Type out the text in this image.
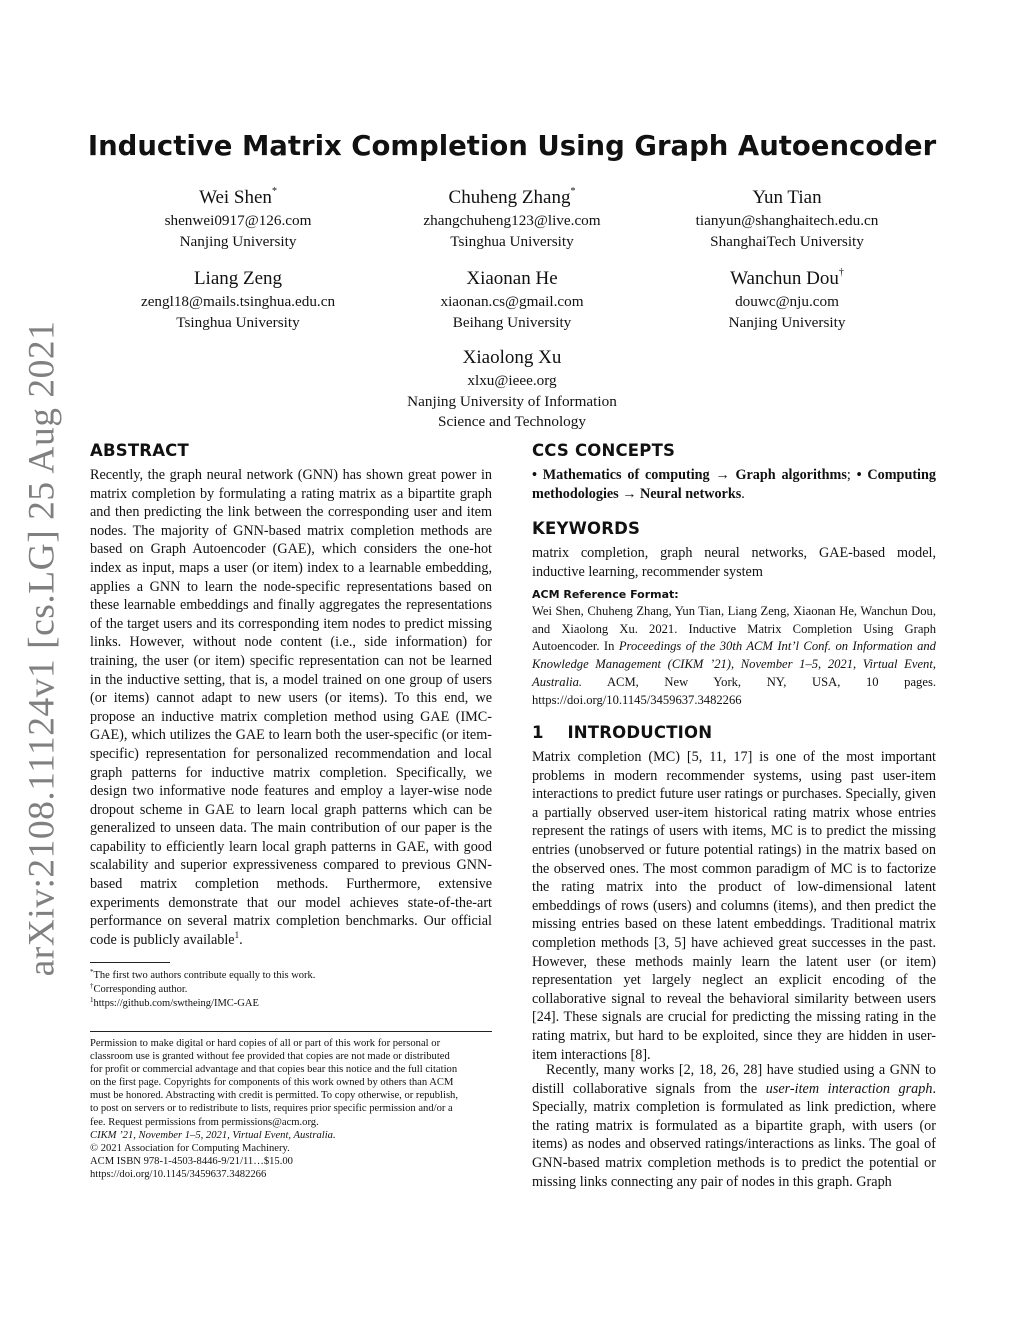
arXiv:2108.11124v1 [cs.LG] 25 Aug 2021
Inductive Matrix Completion Using Graph Autoencoder
Wei Shen*
shenwei0917@126.com
Nanjing University
Chuheng Zhang*
zhangchuheng123@live.com
Tsinghua University
Yun Tian
tianyun@shanghaitech.edu.cn
ShanghaiTech University
Liang Zeng
zengl18@mails.tsinghua.edu.cn
Tsinghua University
Xiaonan He
xiaonan.cs@gmail.com
Beihang University
Wanchun Dou†
douwc@nju.com
Nanjing University
Xiaolong Xu
xlxu@ieee.org
Nanjing University of Information
Science and Technology
ABSTRACT
Recently, the graph neural network (GNN) has shown great power in matrix completion by formulating a rating matrix as a bipartite graph and then predicting the link between the corresponding user and item nodes. The majority of GNN-based matrix completion methods are based on Graph Autoencoder (GAE), which considers the one-hot index as input, maps a user (or item) index to a learnable embedding, applies a GNN to learn the node-specific representations based on these learnable embeddings and finally aggregates the representations of the target users and its corresponding item nodes to predict missing links. However, without node content (i.e., side information) for training, the user (or item) specific representation can not be learned in the inductive setting, that is, a model trained on one group of users (or items) cannot adapt to new users (or items). To this end, we propose an inductive matrix completion method using GAE (IMC-GAE), which utilizes the GAE to learn both the user-specific (or item-specific) representation for personalized recommendation and local graph patterns for inductive matrix completion. Specifically, we design two informative node features and employ a layer-wise node dropout scheme in GAE to learn local graph patterns which can be generalized to unseen data. The main contribution of our paper is the capability to efficiently learn local graph patterns in GAE, with good scalability and superior expressiveness compared to previous GNN-based matrix completion methods. Furthermore, extensive experiments demonstrate that our model achieves state-of-the-art performance on several matrix completion benchmarks. Our official code is publicly available$^1$.
*The first two authors contribute equally to this work.
†Corresponding author.
$^1$https://github.com/swtheing/IMC-GAE
Permission to make digital or hard copies of all or part of this work for personal or
classroom use is granted without fee provided that copies are not made or distributed
for profit or commercial advantage and that copies bear this notice and the full citation
on the first page. Copyrights for components of this work owned by others than ACM
must be honored. Abstracting with credit is permitted. To copy otherwise, or republish,
to post on servers or to redistribute to lists, requires prior specific permission and/or a
fee. Request permissions from permissions@acm.org.
CIKM ’21, November 1–5, 2021, Virtual Event, Australia.
© 2021 Association for Computing Machinery.
ACM ISBN 978-1-4503-8446-9/21/11…$15.00
https://doi.org/10.1145/3459637.3482266
CCS CONCEPTS
• Mathematics of computing → Graph algorithms; • Computing methodologies → Neural networks.
KEYWORDS
matrix completion, graph neural networks, GAE-based model, inductive learning, recommender system
ACM Reference Format:
Wei Shen, Chuheng Zhang, Yun Tian, Liang Zeng, Xiaonan He, Wanchun Dou, and Xiaolong Xu. 2021. Inductive Matrix Completion Using Graph Autoencoder. In Proceedings of the 30th ACM Int’l Conf. on Information and Knowledge Management (CIKM ’21), November 1–5, 2021, Virtual Event, Australia. ACM, New York, NY, USA, 10 pages. https://doi.org/10.1145/3459637.3482266
1    INTRODUCTION
Matrix completion (MC) [5, 11, 17] is one of the most important problems in modern recommender systems, using past user-item interactions to predict future user ratings or purchases. Specially, given a partially observed user-item historical rating matrix whose entries represent the ratings of users with items, MC is to predict the missing entries (unobserved or future potential ratings) in the matrix based on the observed ones. The most common paradigm of MC is to factorize the rating matrix into the product of low-dimensional latent embeddings of rows (users) and columns (items), and then predict the missing entries based on these latent embeddings. Traditional matrix completion methods [3, 5] have achieved great successes in the past. However, these methods mainly learn the latent user (or item) representation yet largely neglect an explicit encoding of the collaborative signal to reveal the behavioral similarity between users [24]. These signals are crucial for predicting the missing rating in the rating matrix, but hard to be exploited, since they are hidden in user-item interactions [8].
Recently, many works [2, 18, 26, 28] have studied using a GNN to distill collaborative signals from the user-item interaction graph. Specially, matrix completion is formulated as link prediction, where the rating matrix is formulated as a bipartite graph, with users (or items) as nodes and observed ratings/interactions as links. The goal of GNN-based matrix completion methods is to predict the potential or missing links connecting any pair of nodes in this graph. Graph
